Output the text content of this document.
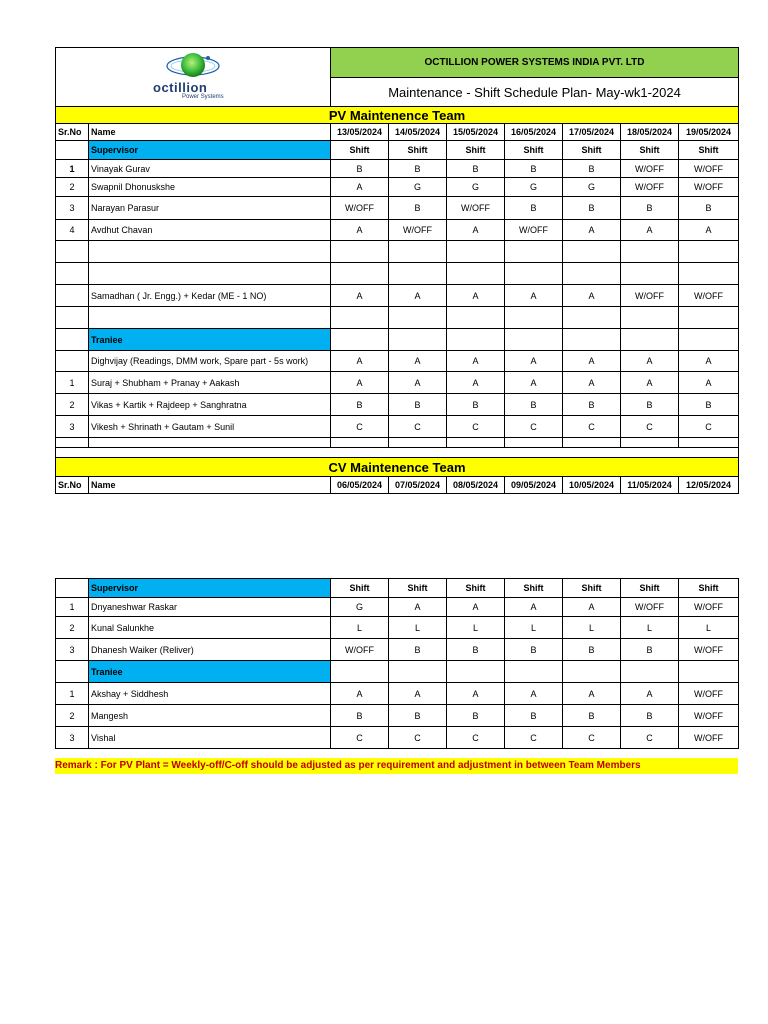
octillion
Power Systems		OCTILLION POWER SYSTEMS INDIA PVT. LTD						
		Maintenance - Shift Schedule Plan- May-wk1-2024						
PV Maintenence Team								
Sr.No	Name	13/05/2024	14/05/2024	15/05/2024	16/05/2024	17/05/2024	18/05/2024	19/05/2024
	Supervisor	Shift	Shift	Shift	Shift	Shift	Shift	Shift
1	Vinayak Gurav	B	B	B	B	B	W/OFF	W/OFF
2	Swapnil Dhonuskshe	A	G	G	G	G	W/OFF	W/OFF
3	Narayan Parasur	W/OFF	B	W/OFF	B	B	B	B
4	Avdhut Chavan	A	W/OFF	A	W/OFF	A	A	A

	Samadhan ( Jr. Engg.) + Kedar (ME - 1 NO)	A	A	A	A	A	W/OFF	W/OFF

	Traniee							
	Dighvijay (Readings, DMM work, Spare part - 5s work)	A	A	A	A	A	A	A
1	Suraj + Shubham + Pranay + Aakash	A	A	A	A	A	A	A
2	Vikas + Kartik + Rajdeep + Sanghratna	B	B	B	B	B	B	B
3	Vikesh + Shrinath + Gautam + Sunil	C	C	C	C	C	C	C

CV Maintenence Team								
Sr.No	Name	06/05/2024	07/05/2024	08/05/2024	09/05/2024	10/05/2024	11/05/2024	12/05/2024
	Supervisor	Shift	Shift	Shift	Shift	Shift	Shift	Shift
1	Dnyaneshwar Raskar	G	A	A	A	A	W/OFF	W/OFF
2	Kunal Salunkhe	L	L	L	L	L	L	L
3	Dhanesh Waiker (Reliver)	W/OFF	B	B	B	B	B	W/OFF
	Traniee							
1	Akshay + Siddhesh	A	A	A	A	A	A	W/OFF
2	Mangesh	B	B	B	B	B	B	W/OFF
3	Vishal	C	C	C	C	C	C	W/OFF
Remark : For PV Plant = Weekly-off/C-off should be adjusted as per requirement and adjustment in between Team Members
